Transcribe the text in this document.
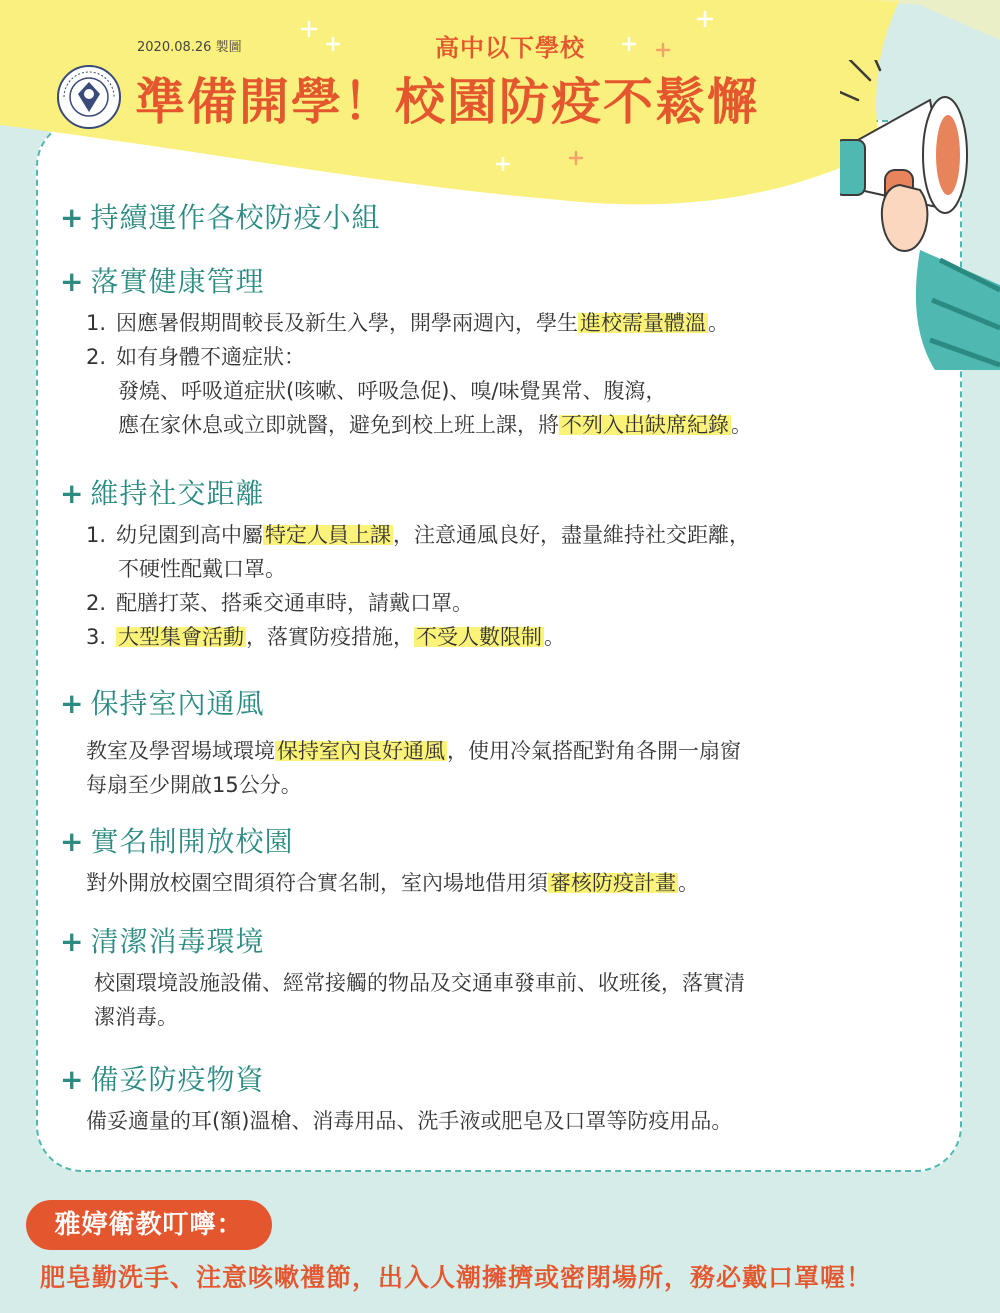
2020.08.26 製圖	高中以下學校
準備開學！校園防疫不鬆懈
+ 持續運作各校防疫小組
+ 落實健康管理
1. 因應暑假期間較長及新生入學，開學兩週內，學生進校需量體溫。
2. 如有身體不適症狀：
發燒、呼吸道症狀(咳嗽、呼吸急促)、嗅/味覺異常、腹瀉，
應在家休息或立即就醫，避免到校上班上課，將不列入出缺席紀錄。
+ 維持社交距離
1. 幼兒園到高中屬特定人員上課，注意通風良好，盡量維持社交距離，
不硬性配戴口罩。
2. 配膳打菜、搭乘交通車時，請戴口罩。
3. 大型集會活動，落實防疫措施，不受人數限制。
+ 保持室內通風
教室及學習場域環境保持室內良好通風，使用冷氣搭配對角各開一扇窗
每扇至少開啟15公分。
+ 實名制開放校園
對外開放校園空間須符合實名制，室內場地借用須審核防疫計畫。
+ 清潔消毒環境
校園環境設施設備、經常接觸的物品及交通車發車前、收班後，落實清
潔消毒。
+ 備妥防疫物資
備妥適量的耳(額)溫槍、消毒用品、洗手液或肥皂及口罩等防疫用品。
雅婷衛教叮嚀：
肥皂勤洗手、注意咳嗽禮節，出入人潮擁擠或密閉場所，務必戴口罩喔！
